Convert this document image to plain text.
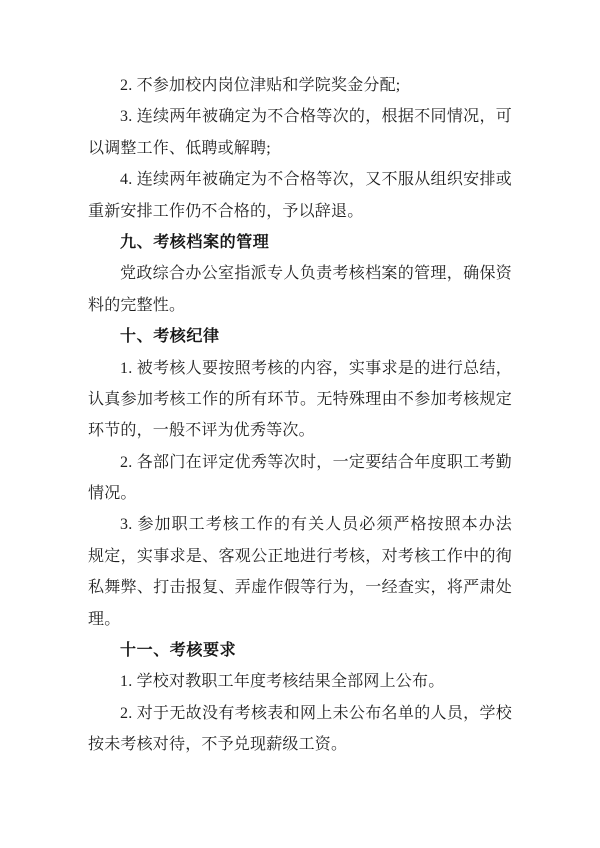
2. 不参加校内岗位津贴和学院奖金分配;
3. 连续两年被确定为不合格等次的，根据不同情况，可
以调整工作、低聘或解聘;
4. 连续两年被确定为不合格等次，又不服从组织安排或
重新安排工作仍不合格的，予以辞退。
九、考核档案的管理
党政综合办公室指派专人负责考核档案的管理，确保资
料的完整性。
十、考核纪律
1. 被考核人要按照考核的内容，实事求是的进行总结，
认真参加考核工作的所有环节。无特殊理由不参加考核规定
环节的，一般不评为优秀等次。
2. 各部门在评定优秀等次时，一定要结合年度职工考勤
情况。
3. 参加职工考核工作的有关人员必须严格按照本办法
规定，实事求是、客观公正地进行考核，对考核工作中的徇
私舞弊、打击报复、弄虚作假等行为，一经查实，将严肃处
理。
十一、考核要求
1. 学校对教职工年度考核结果全部网上公布。
2. 对于无故没有考核表和网上未公布名单的人员，学校
按未考核对待，不予兑现薪级工资。
